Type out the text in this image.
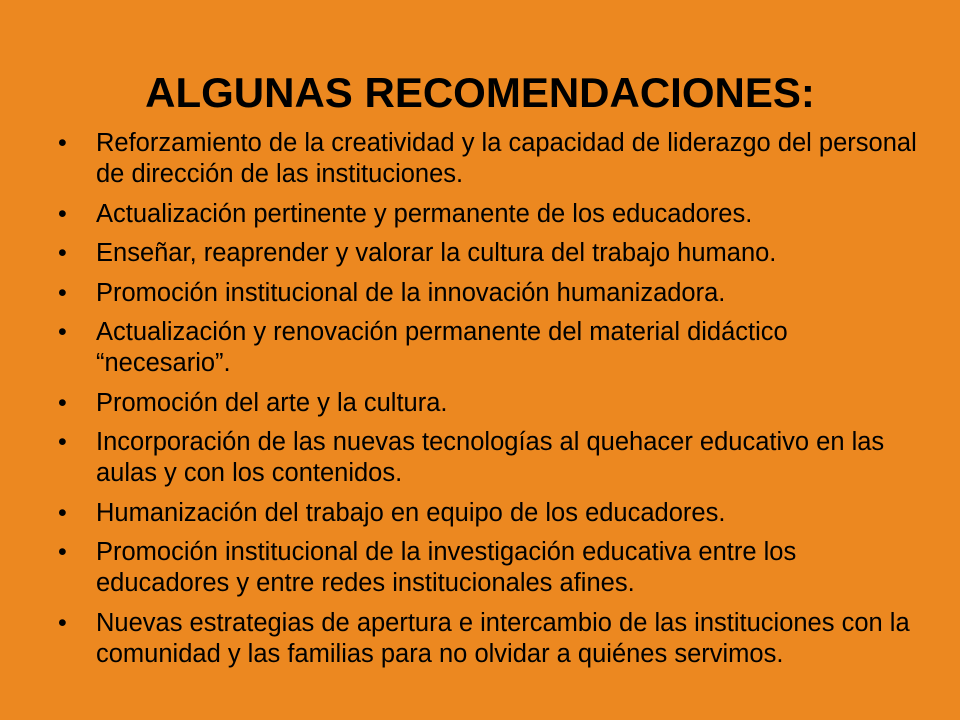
ALGUNAS RECOMENDACIONES:
•	Reforzamiento de la creatividad y la capacidad de liderazgo del personal de dirección de las instituciones.
•	Actualización pertinente y permanente de los educadores.
•	Enseñar, reaprender y valorar la cultura del trabajo humano.
•	Promoción institucional de la innovación humanizadora.
•	Actualización y renovación permanente del material didáctico “necesario”.
•	Promoción del arte y la cultura.
•	Incorporación de las nuevas tecnologías al quehacer educativo en las aulas y con los contenidos.
•	Humanización del trabajo en equipo de los educadores.
•	Promoción institucional de la investigación educativa entre los educadores y entre redes institucionales afines.
•	Nuevas estrategias de apertura e intercambio de las instituciones con la comunidad y las familias para no olvidar a quiénes servimos.
